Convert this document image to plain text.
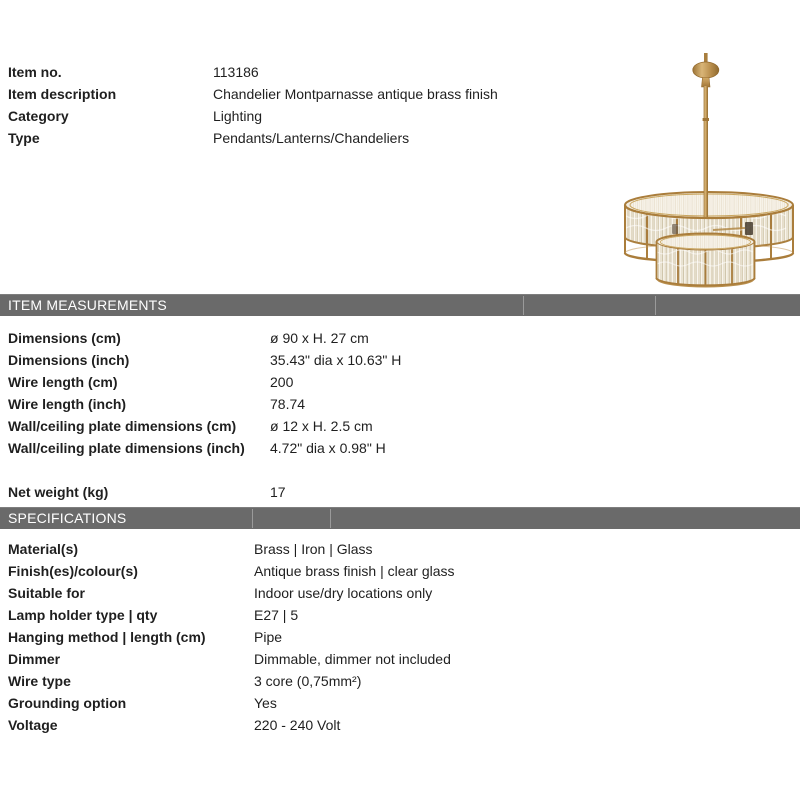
Item no.	113186
Item description	Chandelier Montparnasse antique brass finish
Category	Lighting
Type	Pendants/Lanterns/Chandeliers
ITEM MEASUREMENTS
Dimensions (cm)	ø 90 x H. 27 cm
Dimensions (inch)	35.43" dia x 10.63" H
Wire length (cm)	200
Wire length (inch)	78.74
Wall/ceiling plate dimensions (cm)	ø 12 x H. 2.5 cm
Wall/ceiling plate dimensions (inch)	4.72" dia x 0.98" H
Net weight (kg)	17
SPECIFICATIONS
Material(s)	Brass | Iron | Glass
Finish(es)/colour(s)	Antique brass finish | clear glass
Suitable for	Indoor use/dry locations only
Lamp holder type | qty	E27 | 5
Hanging method | length (cm)	Pipe
Dimmer	Dimmable, dimmer not included
Wire type	3 core (0,75mm²)
Grounding option	Yes
Voltage	220 - 240 Volt
